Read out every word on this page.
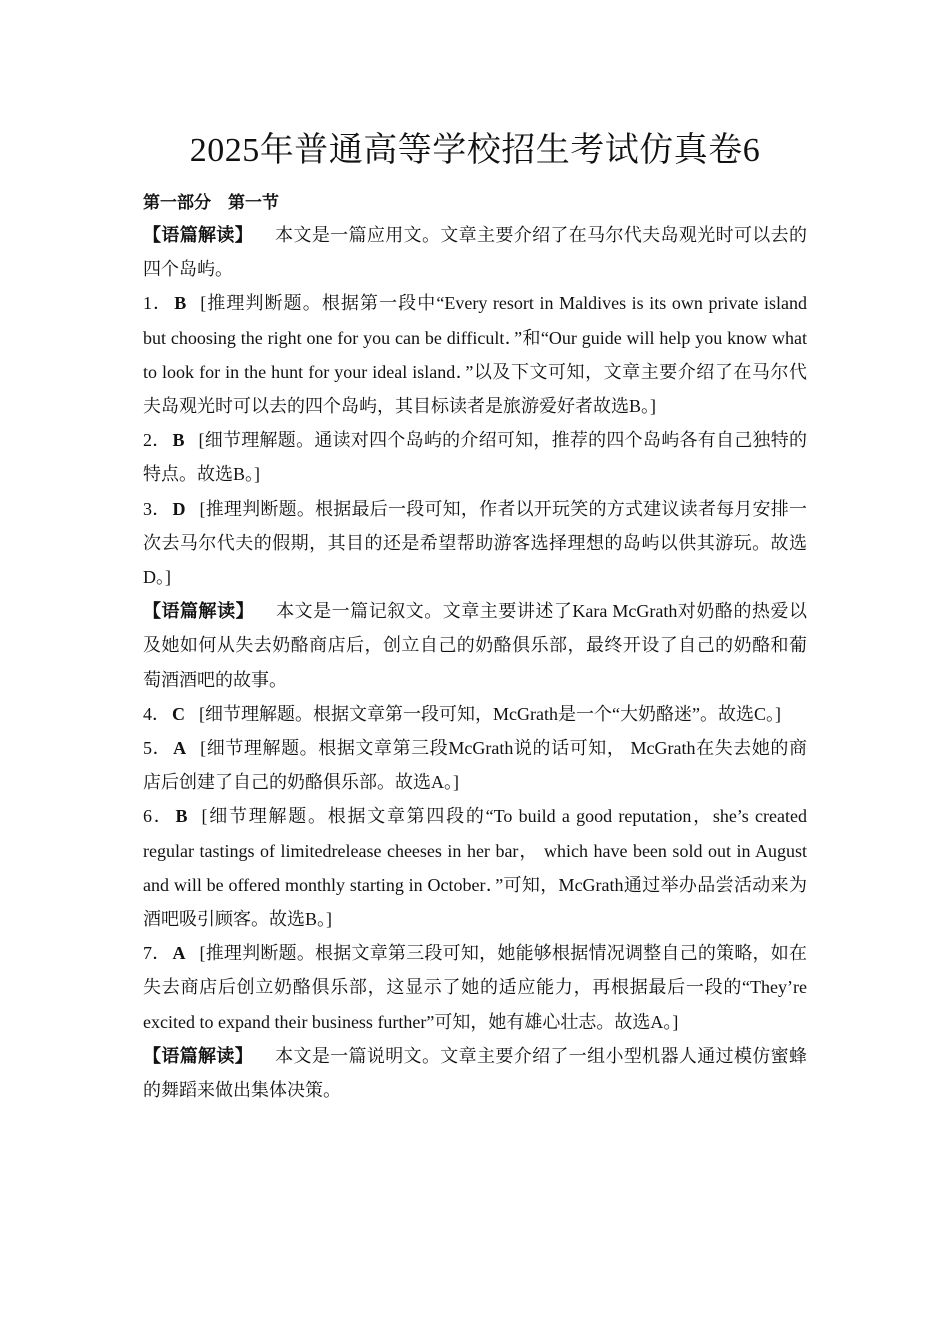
2025年普通高等学校招生考试仿真卷6
第一部分　第一节

【语篇解读】 本文是一篇应用文。文章主要介绍了在马尔代夫岛观光时可以去的四个岛屿。

1． B [推理判断题。根据第一段中“Every resort in Maldives is its own private island but choosing the right one for you can be difficult．”和“Our guide will help you know what to look for in the hunt for your ideal island．”以及下文可知，文章主要介绍了在马尔代夫岛观光时可以去的四个岛屿，其目标读者是旅游爱好者故选B。]

2． B [细节理解题。通读对四个岛屿的介绍可知，推荐的四个岛屿各有自己独特的特点。故选B。]

3． D [推理判断题。根据最后一段可知，作者以开玩笑的方式建议读者每月安排一次去马尔代夫的假期，其目的还是希望帮助游客选择理想的岛屿以供其游玩。故选D。]

【语篇解读】 本文是一篇记叙文。文章主要讲述了Kara McGrath对奶酪的热爱以及她如何从失去奶酪商店后，创立自己的奶酪俱乐部，最终开设了自己的奶酪和葡萄酒酒吧的故事。

4． C [细节理解题。根据文章第一段可知，McGrath是一个“大奶酪迷”。故选C。]

5． A [细节理解题。根据文章第三段McGrath说的话可知， McGrath在失去她的商店后创建了自己的奶酪俱乐部。故选A。]

6． B [细节理解题。根据文章第四段的“To build a good reputation，she’s created regular tastings of limitedrelease cheeses in her bar， which have been sold out in August and will be offered monthly starting in October．”可知，McGrath通过举办品尝活动来为酒吧吸引顾客。故选B。]

7． A [推理判断题。根据文章第三段可知，她能够根据情况调整自己的策略，如在失去商店后创立奶酪俱乐部，这显示了她的适应能力，再根据最后一段的“They’re excited to expand their business further”可知，她有雄心壮志。故选A。]

【语篇解读】 本文是一篇说明文。文章主要介绍了一组小型机器人通过模仿蜜蜂的舞蹈来做出集体决策。
